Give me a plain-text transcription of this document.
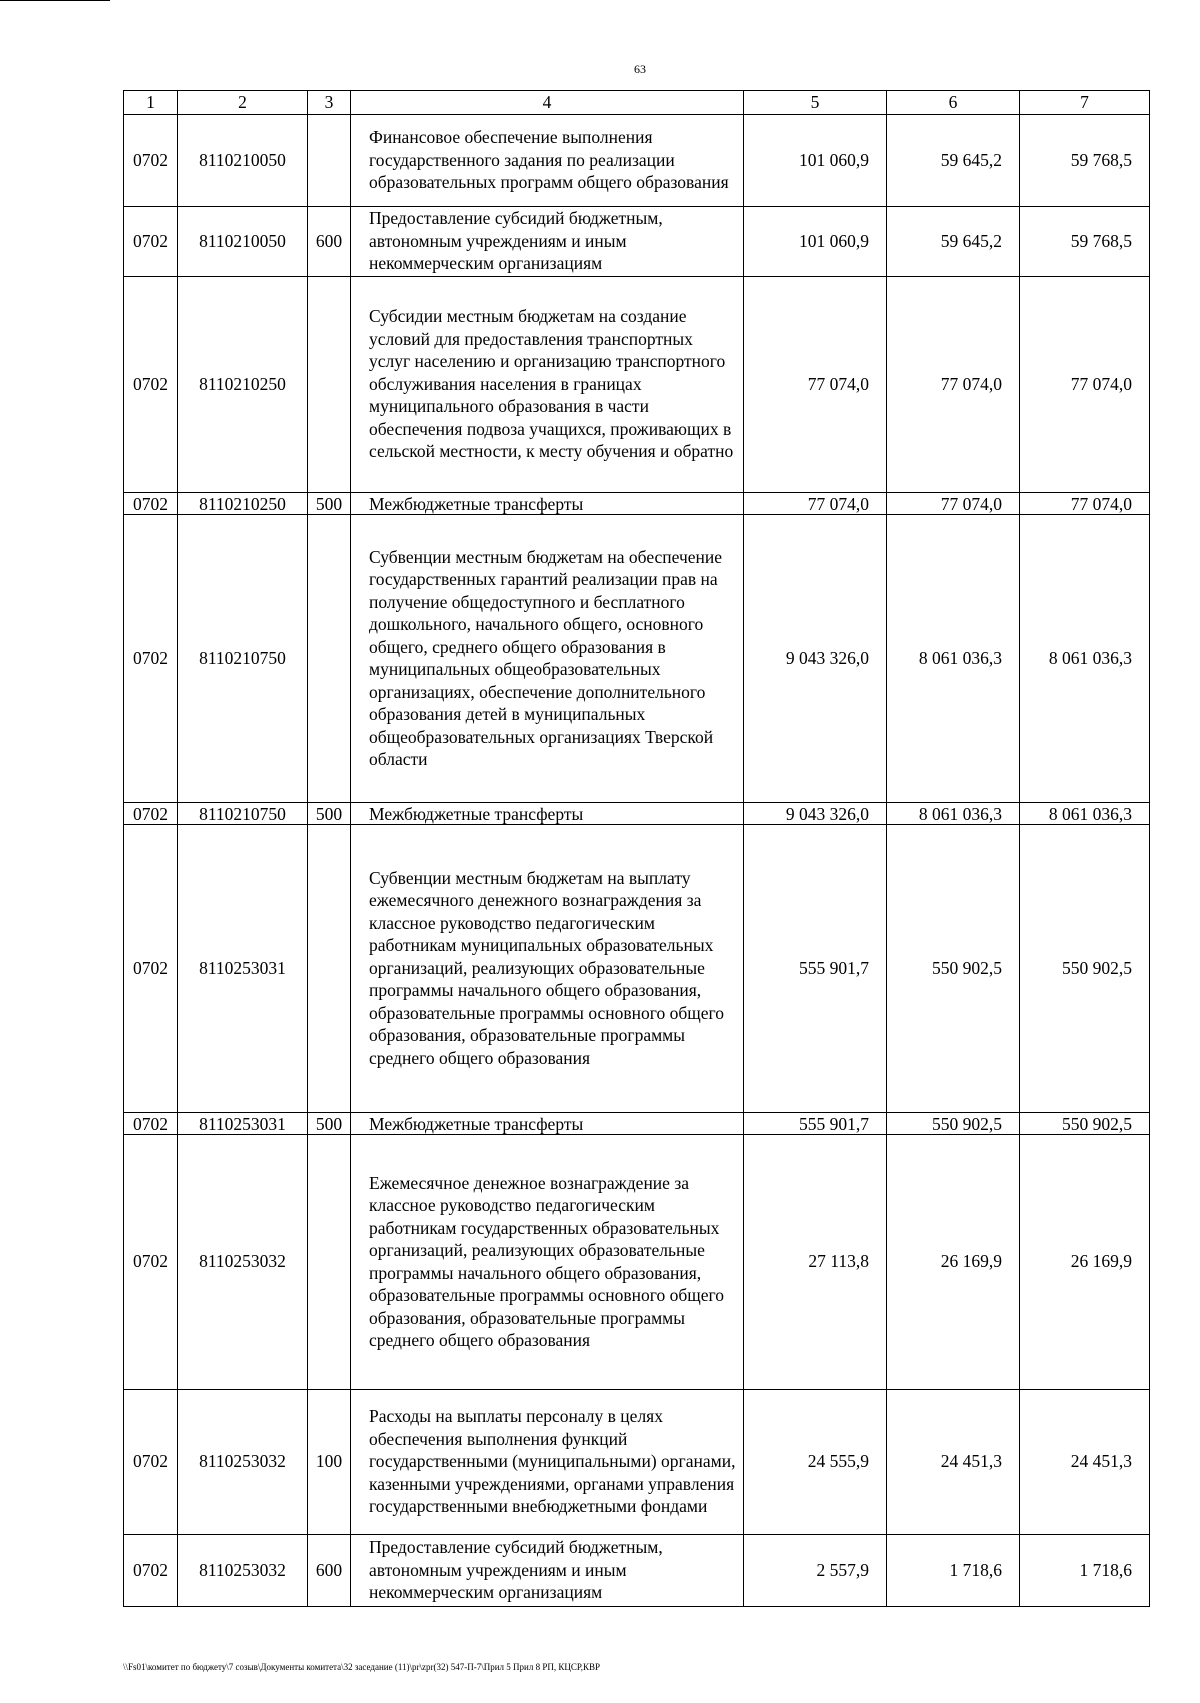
63
1	2	3	4	5	6	7
0702	8110210050		Финансовое обеспечение выполнения государственного задания по реализации образовательных программ общего образования	101 060,9	59 645,2	59 768,5
0702	8110210050	600	Предоставление субсидий бюджетным, автономным учреждениям и иным некоммерческим организациям	101 060,9	59 645,2	59 768,5
0702	8110210250		Субсидии местным бюджетам на создание условий для предоставления транспортных услуг населению и организацию транспортного обслуживания населения в границах муниципального образования в части обеспечения подвоза учащихся, проживающих в сельской местности, к месту обучения и обратно	77 074,0	77 074,0	77 074,0
0702	8110210250	500	Межбюджетные трансферты	77 074,0	77 074,0	77 074,0
0702	8110210750		Субвенции местным бюджетам на обеспечение государственных гарантий реализации прав на получение общедоступного и бесплатного дошкольного, начального общего, основного общего, среднего общего образования в муниципальных общеобразовательных организациях, обеспечение дополнительного образования детей в муниципальных общеобразовательных организациях Тверской области	9 043 326,0	8 061 036,3	8 061 036,3
0702	8110210750	500	Межбюджетные трансферты	9 043 326,0	8 061 036,3	8 061 036,3
0702	8110253031		Субвенции местным бюджетам на выплату ежемесячного денежного вознаграждения за классное руководство педагогическим работникам муниципальных образовательных организаций, реализующих образовательные программы начального общего образования, образовательные программы основного общего образования, образовательные программы среднего общего образования	555 901,7	550 902,5	550 902,5
0702	8110253031	500	Межбюджетные трансферты	555 901,7	550 902,5	550 902,5
0702	8110253032		Ежемесячное денежное вознаграждение за классное руководство педагогическим работникам государственных образовательных организаций, реализующих образовательные программы начального общего образования, образовательные программы основного общего образования, образовательные программы среднего общего образования	27 113,8	26 169,9	26 169,9
0702	8110253032	100	Расходы на выплаты персоналу в целях обеспечения выполнения функций государственными (муниципальными) органами, казенными учреждениями, органами управления государственными внебюджетными фондами	24 555,9	24 451,3	24 451,3
0702	8110253032	600	Предоставление субсидий бюджетным, автономным учреждениям и иным некоммерческим организациям	2 557,9	1 718,6	1 718,6
\\Fs01\комитет по бюджету\7 созыв\Документы комитета\32 заседание (11)\pr\zpr(32) 547-П-7\Прил 5 Прил 8 РП, КЦСР,КВР
